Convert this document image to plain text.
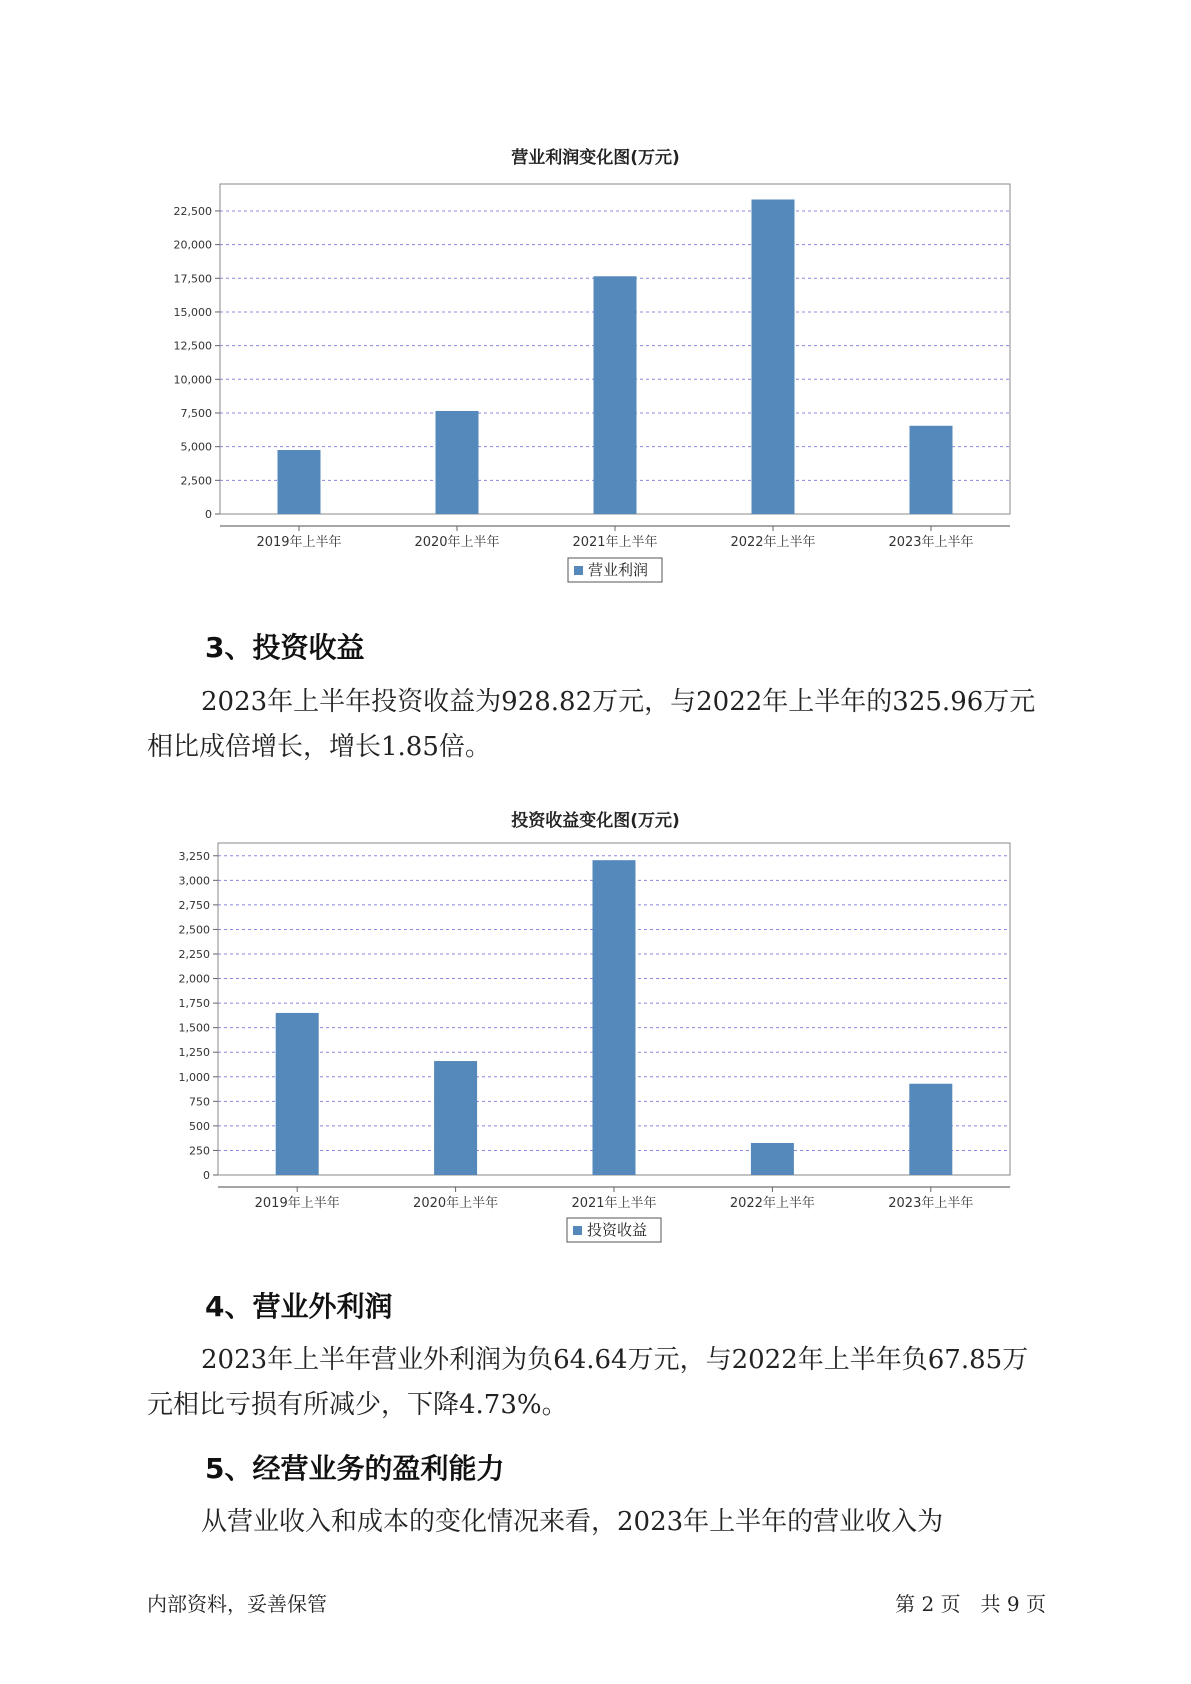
营业利润变化图(万元)
0
2,500
5,000
7,500
10,000
12,500
15,000
17,500
20,000
22,500
2019年上半年	2020年上半年	2021年上半年	2022年上半年	2023年上半年
营业利润
3、投资收益

2023年上半年投资收益为928.82万元，与2022年上半年的325.96万元相比成倍增长，增长1.85倍。

投资收益变化图(万元)
0
250
500
750
1,000
1,250
1,500
1,750
2,000
2,250
2,500
2,750
3,000
3,250
2019年上半年	2020年上半年	2021年上半年	2022年上半年	2023年上半年
投资收益
4、营业外利润

2023年上半年营业外利润为负64.64万元，与2022年上半年负67.85万元相比亏损有所减少，下降4.73%。

5、经营业务的盈利能力

从营业收入和成本的变化情况来看，2023年上半年的营业收入为

内部资料，妥善保管	第 2 页　共 9 页
